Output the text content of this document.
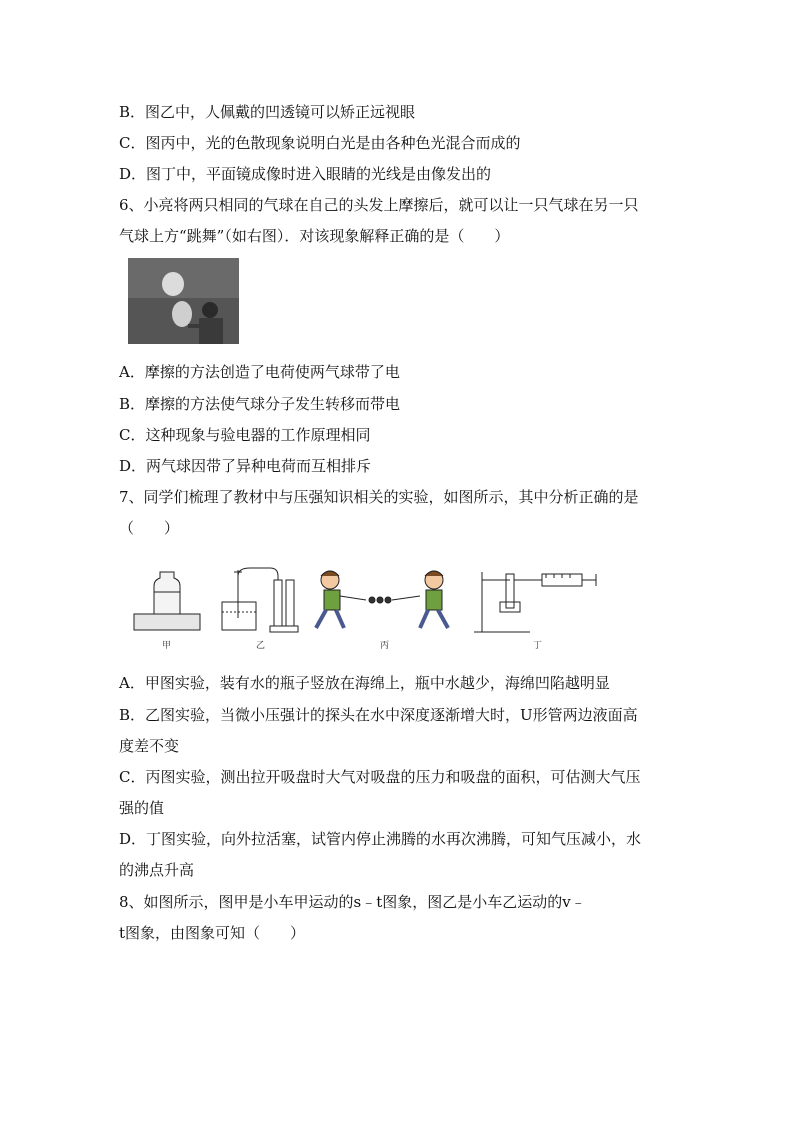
B．图乙中，人佩戴的凹透镜可以矫正远视眼
C．图丙中，光的色散现象说明白光是由各种色光混合而成的
D．图丁中，平面镜成像时进入眼睛的光线是由像发出的
6、小亮将两只相同的气球在自己的头发上摩擦后，就可以让一只气球在另一只
气球上方“跳舞”（如右图）．对该现象解释正确的是（　　）
A．摩擦的方法创造了电荷使两气球带了电
B．摩擦的方法使气球分子发生转移而带电
C．这种现象与验电器的工作原理相同
D．两气球因带了异种电荷而互相排斥
7、同学们梳理了教材中与压强知识相关的实验，如图所示，其中分析正确的是
（　　）
甲	乙	丙	丁
A．甲图实验，装有水的瓶子竖放在海绵上，瓶中水越少，海绵凹陷越明显
B．乙图实验，当微小压强计的探头在水中深度逐渐增大时，U形管两边液面高
度差不变
C．丙图实验，测出拉开吸盘时大气对吸盘的压力和吸盘的面积，可估测大气压
强的值
D．丁图实验，向外拉活塞，试管内停止沸腾的水再次沸腾，可知气压减小，水
的沸点升高
8、如图所示，图甲是小车甲运动的s﹣t图象，图乙是小车乙运动的v﹣
t图象，由图象可知（　　）
